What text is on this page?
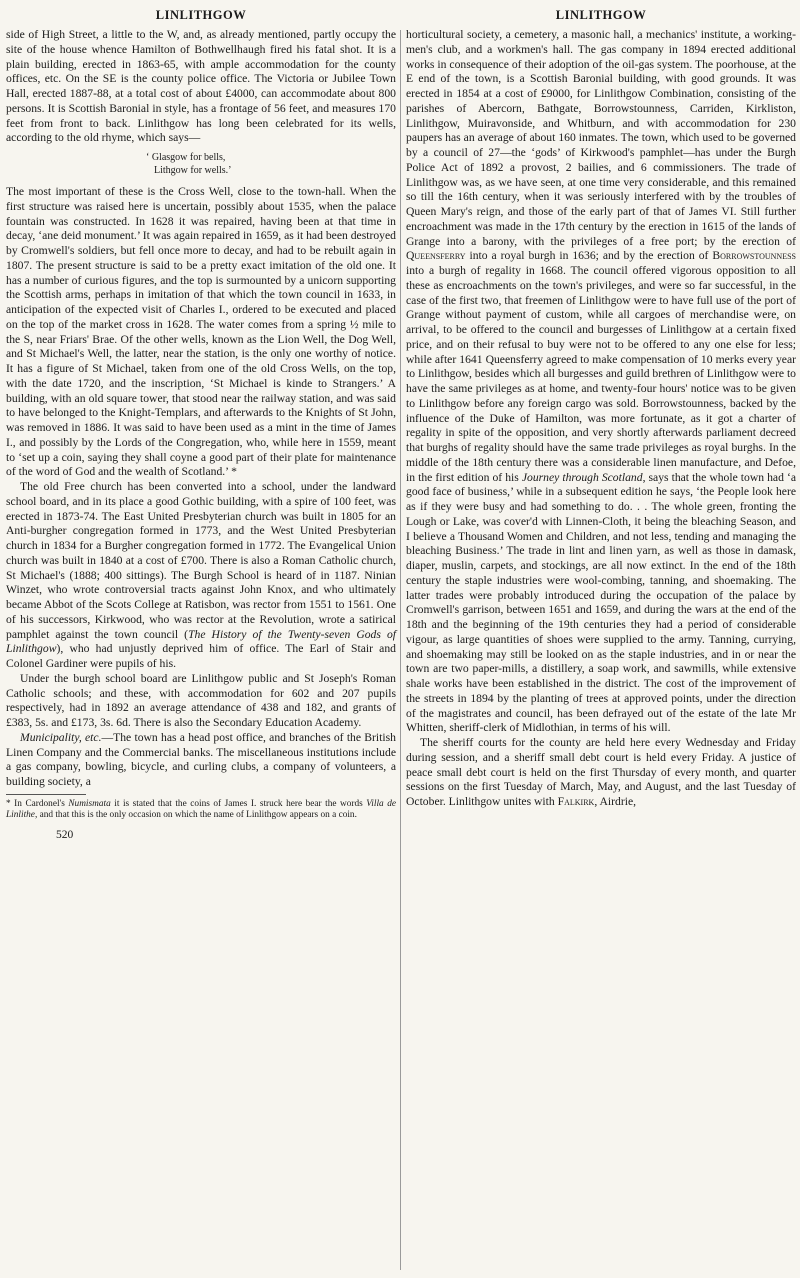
LINLITHGOW

side of High Street, a little to the W, and, as already mentioned, partly occupy the site of the house whence Hamilton of Bothwellhaugh fired his fatal shot. It is a plain building, erected in 1863-65, with ample accommodation for the county offices, etc. On the SE is the county police office. The Victoria or Jubilee Town Hall, erected 1887-88, at a total cost of about £4000, can accommodate about 800 persons. It is Scottish Baronial in style, has a frontage of 56 feet, and measures 170 feet from front to back. Linlithgow has long been celebrated for its wells, according to the old rhyme, which says—

‘ Glasgow for bells,
Lithgow for wells.’

The most important of these is the Cross Well, close to the town-hall. When the first structure was raised here is uncertain, possibly about 1535, when the palace fountain was constructed. In 1628 it was repaired, having been at that time in decay, ‘ane deid monument.’ It was again repaired in 1659, as it had been destroyed by Cromwell's soldiers, but fell once more to decay, and had to be rebuilt again in 1807. The present structure is said to be a pretty exact imitation of the old one. It has a number of curious figures, and the top is surmounted by a unicorn supporting the Scottish arms, perhaps in imitation of that which the town council in 1633, in anticipation of the expected visit of Charles I., ordered to be executed and placed on the top of the market cross in 1628. The water comes from a spring ½ mile to the S, near Friars' Brae. Of the other wells, known as the Lion Well, the Dog Well, and St Michael's Well, the latter, near the station, is the only one worthy of notice. It has a figure of St Michael, taken from one of the old Cross Wells, on the top, with the date 1720, and the inscription, ‘St Michael is kinde to Strangers.’ A building, with an old square tower, that stood near the railway station, and was said to have belonged to the Knight-Templars, and afterwards to the Knights of St John, was removed in 1886. It was said to have been used as a mint in the time of James I., and possibly by the Lords of the Congregation, who, while here in 1559, meant to ‘set up a coin, saying they shall coyne a good part of their plate for maintenance of the word of God and the wealth of Scotland.’ *

The old Free church has been converted into a school, under the landward school board, and in its place a good Gothic building, with a spire of 100 feet, was erected in 1873-74. The East United Presbyterian church was built in 1805 for an Anti-burgher congregation formed in 1773, and the West United Presbyterian church in 1834 for a Burgher congregation formed in 1772. The Evangelical Union church was built in 1840 at a cost of £700. There is also a Roman Catholic church, St Michael's (1888; 400 sittings). The Burgh School is heard of in 1187. Ninian Winzet, who wrote controversial tracts against John Knox, and who ultimately became Abbot of the Scots College at Ratisbon, was rector from 1551 to 1561. One of his successors, Kirkwood, who was rector at the Revolution, wrote a satirical pamphlet against the town council (The History of the Twenty-seven Gods of Linlithgow), who had unjustly deprived him of office. The Earl of Stair and Colonel Gardiner were pupils of his.

Under the burgh school board are Linlithgow public and St Joseph's Roman Catholic schools; and these, with accommodation for 602 and 207 pupils respectively, had in 1892 an average attendance of 438 and 182, and grants of £383, 5s. and £173, 3s. 6d. There is also the Secondary Education Academy.

Municipality, etc.—The town has a head post office, and branches of the British Linen Company and the Commercial banks. The miscellaneous institutions include a gas company, bowling, bicycle, and curling clubs, a company of volunteers, a building society, a

* In Cardonel's Numismata it is stated that the coins of James I. struck here bear the words Villa de Linlithe, and that this is the only occasion on which the name of Linlithgow appears on a coin.
520
LINLITHGOW

horticultural society, a cemetery, a masonic hall, a mechanics' institute, a working-men's club, and a workmen's hall. The gas company in 1894 erected additional works in consequence of their adoption of the oil-gas system. The poorhouse, at the E end of the town, is a Scottish Baronial building, with good grounds. It was erected in 1854 at a cost of £9000, for Linlithgow Combination, consisting of the parishes of Abercorn, Bathgate, Borrowstounness, Carriden, Kirkliston, Linlithgow, Muiravonside, and Whitburn, and with accommodation for 230 paupers has an average of about 160 inmates. The town, which used to be governed by a council of 27—the ‘gods’ of Kirkwood's pamphlet—has under the Burgh Police Act of 1892 a provost, 2 bailies, and 6 commissioners. The trade of Linlithgow was, as we have seen, at one time very considerable, and this remained so till the 16th century, when it was seriously interfered with by the troubles of Queen Mary's reign, and those of the early part of that of James VI. Still further encroachment was made in the 17th century by the erection in 1615 of the lands of Grange into a barony, with the privileges of a free port; by the erection of Queensferry into a royal burgh in 1636; and by the erection of Borrowstounness into a burgh of regality in 1668. The council offered vigorous opposition to all these as encroachments on the town's privileges, and were so far successful, in the case of the first two, that freemen of Linlithgow were to have full use of the port of Grange without payment of custom, while all cargoes of merchandise were, on arrival, to be offered to the council and burgesses of Linlithgow at a certain fixed price, and on their refusal to buy were not to be offered to any one else for less; while after 1641 Queensferry agreed to make compensation of 10 merks every year to Linlithgow, besides which all burgesses and guild brethren of Linlithgow were to have the same privileges as at home, and twenty-four hours' notice was to be given to Linlithgow before any foreign cargo was sold. Borrowstounness, backed by the influence of the Duke of Hamilton, was more fortunate, as it got a charter of regality in spite of the opposition, and very shortly afterwards parliament decreed that burghs of regality should have the same trade privileges as royal burghs. In the middle of the 18th century there was a considerable linen manufacture, and Defoe, in the first edition of his Journey through Scotland, says that the whole town had ‘a good face of business,’ while in a subsequent edition he says, ‘the People look here as if they were busy and had something to do. . . The whole green, fronting the Lough or Lake, was cover'd with Linnen-Cloth, it being the bleaching Season, and I believe a Thousand Women and Children, and not less, tending and managing the bleaching Business.’ The trade in lint and linen yarn, as well as those in damask, diaper, muslin, carpets, and stockings, are all now extinct. In the end of the 18th century the staple industries were wool-combing, tanning, and shoemaking. The latter trades were probably introduced during the occupation of the palace by Cromwell's garrison, between 1651 and 1659, and during the wars at the end of the 18th and the beginning of the 19th centuries they had a period of considerable vigour, as large quantities of shoes were supplied to the army. Tanning, currying, and shoemaking may still be looked on as the staple industries, and in or near the town are two paper-mills, a distillery, a soap work, and sawmills, while extensive shale works have been established in the district. The cost of the improvement of the streets in 1894 by the planting of trees at approved points, under the direction of the magistrates and council, has been defrayed out of the estate of the late Mr Whitten, sheriff-clerk of Midlothian, in terms of his will.

The sheriff courts for the county are held here every Wednesday and Friday during session, and a sheriff small debt court is held every Friday. A justice of peace small debt court is held on the first Thursday of every month, and quarter sessions on the first Tuesday of March, May, and August, and the last Tuesday of October. Linlithgow unites with Falkirk, Airdrie,
